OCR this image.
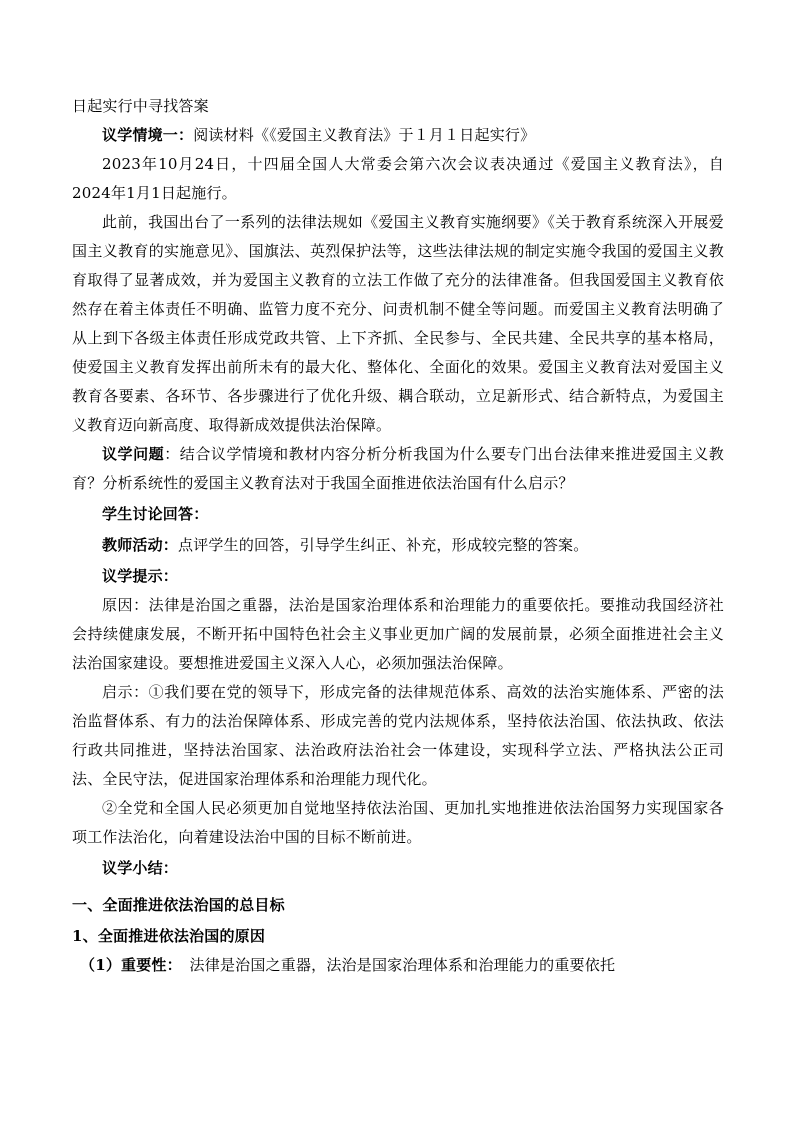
日起实行中寻找答案

议学情境一：阅读材料《《爱国主义教育法》于１月１日起实行》

2023年10月24日，十四届全国人大常委会第六次会议表决通过《爱国主义教育法》，自2024年1月1日起施行。

此前，我国出台了一系列的法律法规如《爱国主义教育实施纲要》《关于教育系统深入开展爱国主义教育的实施意见》、国旗法、英烈保护法等，这些法律法规的制定实施令我国的爱国主义教育取得了显著成效，并为爱国主义教育的立法工作做了充分的法律准备。但我国爱国主义教育依然存在着主体责任不明确、监管力度不充分、问责机制不健全等问题。而爱国主义教育法明确了从上到下各级主体责任形成党政共管、上下齐抓、全民参与、全民共建、全民共享的基本格局，使爱国主义教育发挥出前所未有的最大化、整体化、全面化的效果。爱国主义教育法对爱国主义教育各要素、各环节、各步骤进行了优化升级、耦合联动，立足新形式、结合新特点，为爱国主义教育迈向新高度、取得新成效提供法治保障。

议学问题：结合议学情境和教材内容分析分析我国为什么要专门出台法律来推进爱国主义教育？分析系统性的爱国主义教育法对于我国全面推进依法治国有什么启示？

学生讨论回答：

教师活动：点评学生的回答，引导学生纠正、补充，形成较完整的答案。

议学提示：

原因：法律是治国之重器，法治是国家治理体系和治理能力的重要依托。要推动我国经济社会持续健康发展，不断开拓中国特色社会主义事业更加广阔的发展前景，必须全面推进社会主义法治国家建设。要想推进爱国主义深入人心，必须加强法治保障。

启示：①我们要在党的领导下，形成完备的法律规范体系、高效的法治实施体系、严密的法治监督体系、有力的法治保障体系、形成完善的党内法规体系，坚持依法治国、依法执政、依法行政共同推进，坚持法治国家、法治政府法治社会一体建设，实现科学立法、严格执法公正司法、全民守法，促进国家治理体系和治理能力现代化。

②全党和全国人民必须更加自觉地坚持依法治国、更加扎实地推进依法治国努力实现国家各项工作法治化，向着建设法治中国的目标不断前进。

议学小结：

一、全面推进依法治国的总目标

1、全面推进依法治国的原因

（1）重要性：　法律是治国之重器，法治是国家治理体系和治理能力的重要依托
